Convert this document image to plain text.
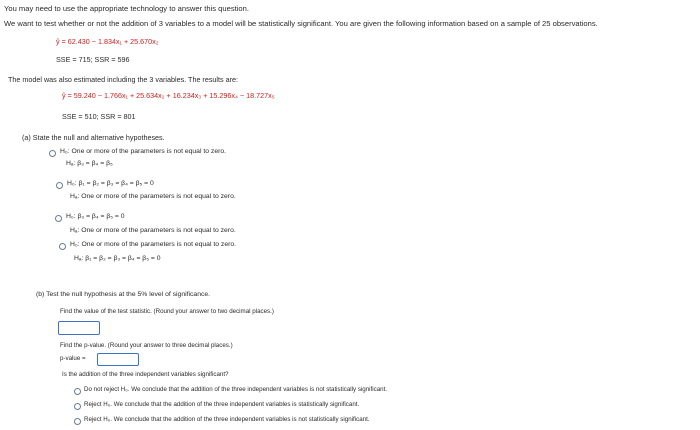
You may need to use the appropriate technology to answer this question.
We want to test whether or not the addition of 3 variables to a model will be statistically significant. You are given the following information based on a sample of 25 observations.
ŷ = 62.430 − 1.834x₁ + 25.670x₂
SSE = 715; SSR = 596
The model was also estimated including the 3 variables. The results are:
ŷ = 59.240 − 1.766x₁ + 25.634x₂ + 16.234x₃ + 15.296x₄ − 18.727x₅
SSE = 510; SSR = 801
(a) State the null and alternative hypotheses.
H₀: One or more of the parameters is not equal to zero.
Hₐ: β₃ = β₄ = β₅
H₀: β₁ = β₂ = β₃ = β₄ = β₅ = 0
Hₐ: One or more of the parameters is not equal to zero.
H₀: β₃ = β₄ = β₅ = 0
Hₐ: One or more of the parameters is not equal to zero.
H₀: One or more of the parameters is not equal to zero.
Hₐ: β₁ = β₂ = β₃ = β₄ = β₅ = 0
(b) Test the null hypothesis at the 5% level of significance.
Find the value of the test statistic. (Round your answer to two decimal places.)
Find the p-value. (Round your answer to three decimal places.)
p-value =
Is the addition of the three independent variables significant?
Do not reject H₀. We conclude that the addition of the three independent variables is not statistically significant.
Reject H₀. We conclude that the addition of the three independent variables is statistically significant.
Reject H₀. We conclude that the addition of the three independent variables is not statistically significant.
